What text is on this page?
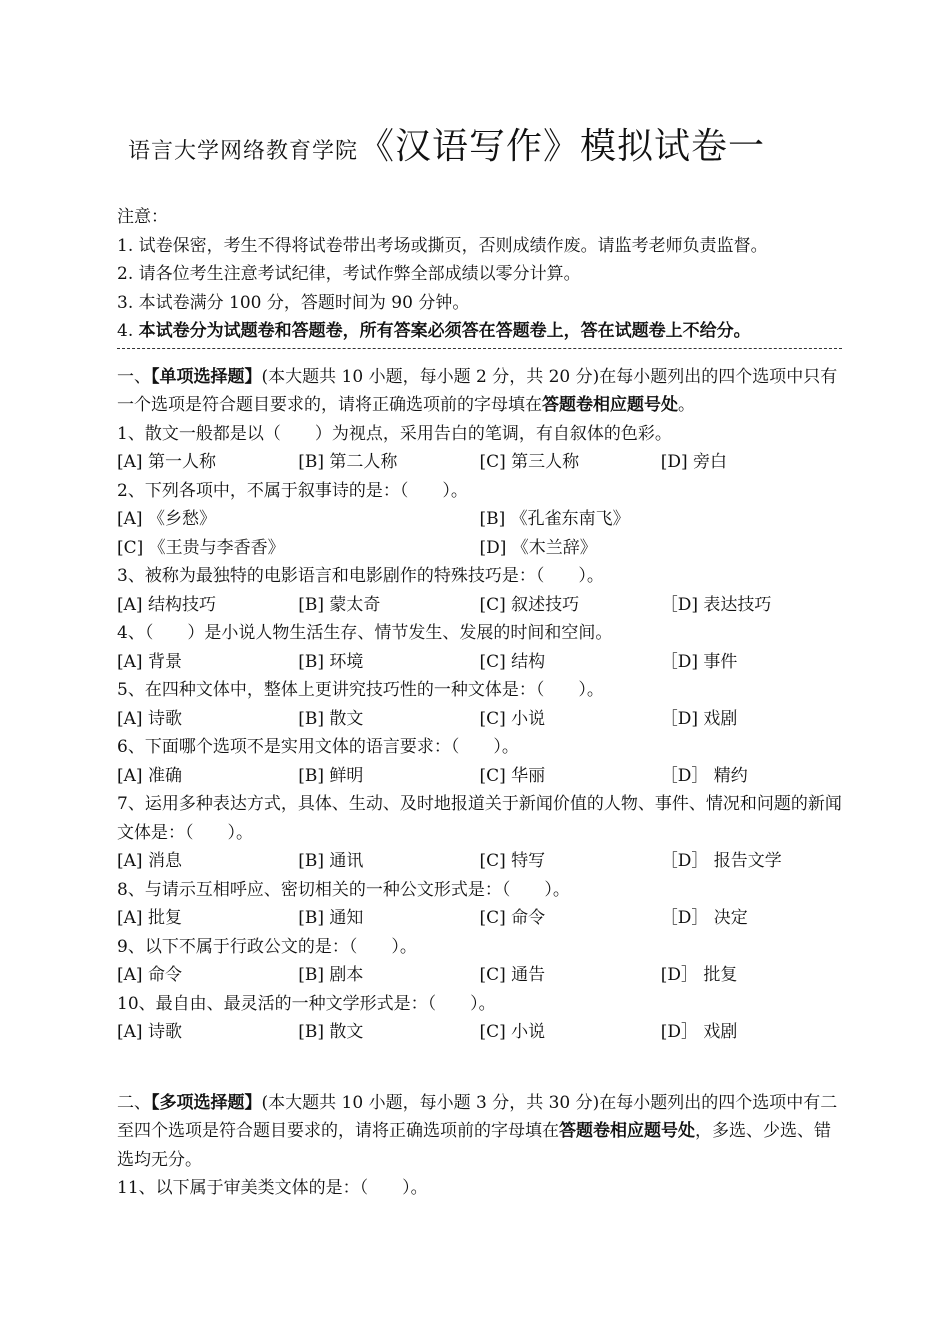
语言大学网络教育学院《汉语写作》模拟试卷一
注意：
1. 试卷保密，考生不得将试卷带出考场或撕页，否则成绩作废。请监考老师负责监督。
2. 请各位考生注意考试纪律，考试作弊全部成绩以零分计算。
3. 本试卷满分 100 分，答题时间为 90 分钟。
4. 本试卷分为试题卷和答题卷，所有答案必须答在答题卷上，答在试题卷上不给分。
一、【单项选择题】(本大题共 10 小题，每小题 2 分，共 20 分)在每小题列出的四个选项中只有一个选项是符合题目要求的，请将正确选项前的字母填在答题卷相应题号处。
1、散文一般都是以（　　）为视点，采用告白的笔调，有自叙体的色彩。
[A] 第一人称	[B] 第二人称	[C] 第三人称	[D] 旁白
2、下列各项中，不属于叙事诗的是：（　　）。
[A] 《乡愁》	[B] 《孔雀东南飞》
[C] 《王贵与李香香》	[D] 《木兰辞》
3、被称为最独特的电影语言和电影剧作的特殊技巧是：（　　）。
[A] 结构技巧	[B] 蒙太奇	[C] 叙述技巧	［D] 表达技巧
4、（　　）是小说人物生活生存、情节发生、发展的时间和空间。
[A] 背景	[B] 环境	[C] 结构	［D] 事件
5、在四种文体中，整体上更讲究技巧性的一种文体是：（　　）。
[A] 诗歌	[B] 散文	[C] 小说	［D] 戏剧
6、下面哪个选项不是实用文体的语言要求：（　　）。
[A] 准确	[B] 鲜明	[C] 华丽	［D］ 精约
7、运用多种表达方式，具体、生动、及时地报道关于新闻价值的人物、事件、情况和问题的新闻文体是：（　　）。
[A] 消息	[B] 通讯	[C] 特写	［D］ 报告文学
8、与请示互相呼应、密切相关的一种公文形式是：（　　）。
[A] 批复	[B] 通知	[C] 命令	［D］ 决定
9、以下不属于行政公文的是：（　　）。
[A] 命令	[B] 剧本	[C] 通告	[D］ 批复
10、最自由、最灵活的一种文学形式是：（　　）。
[A] 诗歌	[B] 散文	[C] 小说	[D］ 戏剧
二、【多项选择题】(本大题共 10 小题，每小题 3 分，共 30 分)在每小题列出的四个选项中有二至四个选项是符合题目要求的，请将正确选项前的字母填在答题卷相应题号处，多选、少选、错选均无分。
11、以下属于审美类文体的是：（　　）。
